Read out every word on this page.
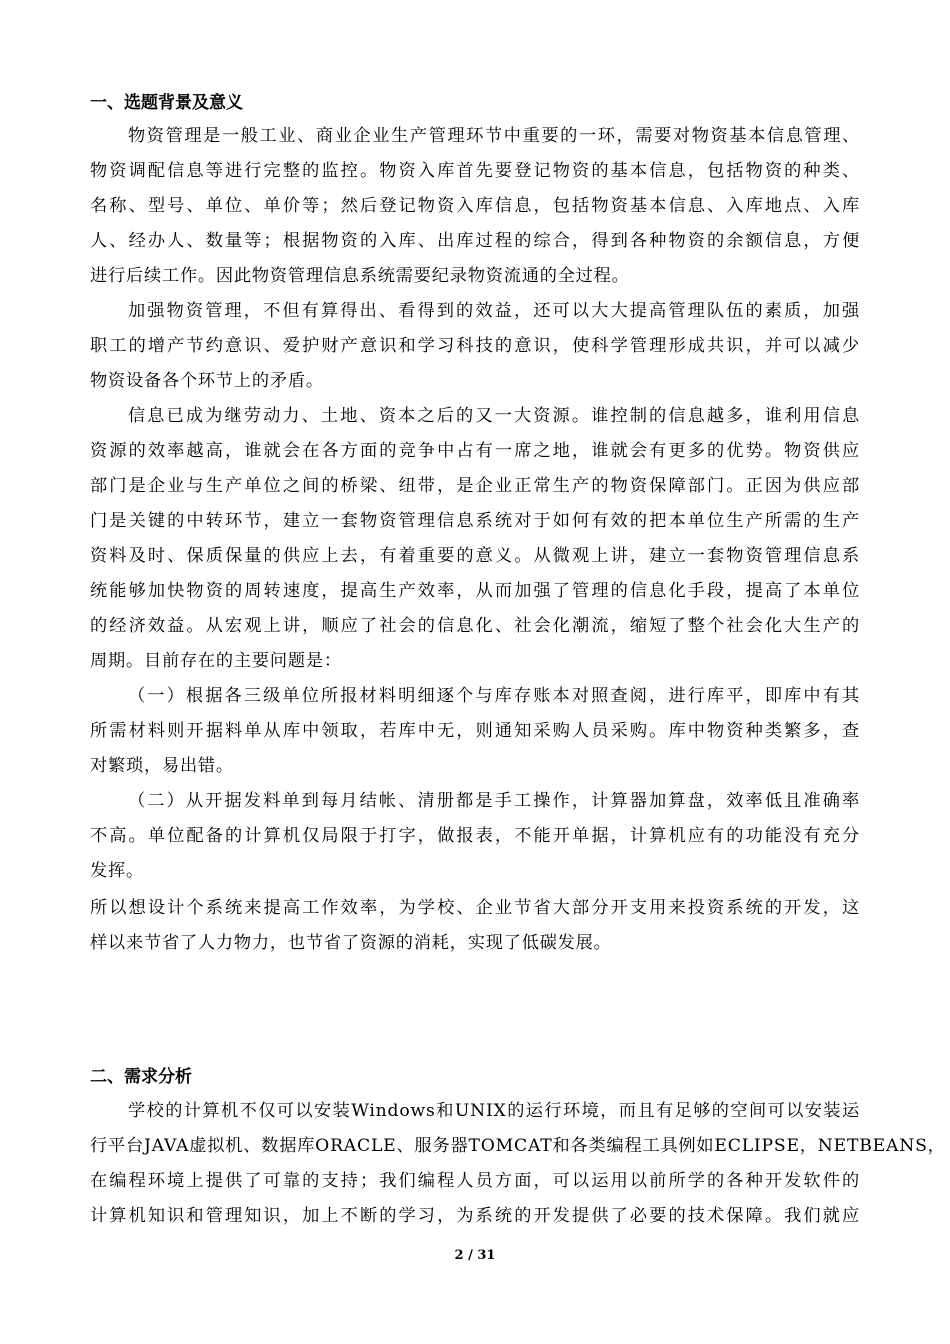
一、选题背景及意义
物资管理是一般工业、商业企业生产管理环节中重要的一环，需要对物资基本信息管理、
物资调配信息等进行完整的监控。物资入库首先要登记物资的基本信息，包括物资的种类、
名称、型号、单位、单价等；然后登记物资入库信息，包括物资基本信息、入库地点、入库
人、经办人、数量等；根据物资的入库、出库过程的综合，得到各种物资的余额信息，方便
进行后续工作。因此物资管理信息系统需要纪录物资流通的全过程。
加强物资管理，不但有算得出、看得到的效益，还可以大大提高管理队伍的素质，加强
职工的增产节约意识、爱护财产意识和学习科技的意识，使科学管理形成共识，并可以减少
物资设备各个环节上的矛盾。
信息已成为继劳动力、土地、资本之后的又一大资源。谁控制的信息越多，谁利用信息
资源的效率越高，谁就会在各方面的竞争中占有一席之地，谁就会有更多的优势。物资供应
部门是企业与生产单位之间的桥梁、纽带，是企业正常生产的物资保障部门。正因为供应部
门是关键的中转环节，建立一套物资管理信息系统对于如何有效的把本单位生产所需的生产
资料及时、保质保量的供应上去，有着重要的意义。从微观上讲，建立一套物资管理信息系
统能够加快物资的周转速度，提高生产效率，从而加强了管理的信息化手段，提高了本单位
的经济效益。从宏观上讲，顺应了社会的信息化、社会化潮流，缩短了整个社会化大生产的
周期。目前存在的主要问题是：
（一）根据各三级单位所报材料明细逐个与库存账本对照查阅，进行库平，即库中有其
所需材料则开据料单从库中领取，若库中无，则通知采购人员采购。库中物资种类繁多，查
对繁琐，易出错。
（二）从开据发料单到每月结帐、清册都是手工操作，计算器加算盘，效率低且准确率
不高。单位配备的计算机仅局限于打字，做报表，不能开单据，计算机应有的功能没有充分
发挥。
所以想设计个系统来提高工作效率，为学校、企业节省大部分开支用来投资系统的开发，这
样以来节省了人力物力，也节省了资源的消耗，实现了低碳发展。
二、需求分析
学校的计算机不仅可以安装Windows和UNIX的运行环境，而且有足够的空间可以安装运
行平台JAVA虚拟机、数据库ORACLE、服务器TOMCAT和各类编程工具例如ECLIPSE，NETBEANS，
在编程环境上提供了可靠的支持；我们编程人员方面，可以运用以前所学的各种开发软件的
计算机知识和管理知识，加上不断的学习，为系统的开发提供了必要的技术保障。我们就应
2 / 31
